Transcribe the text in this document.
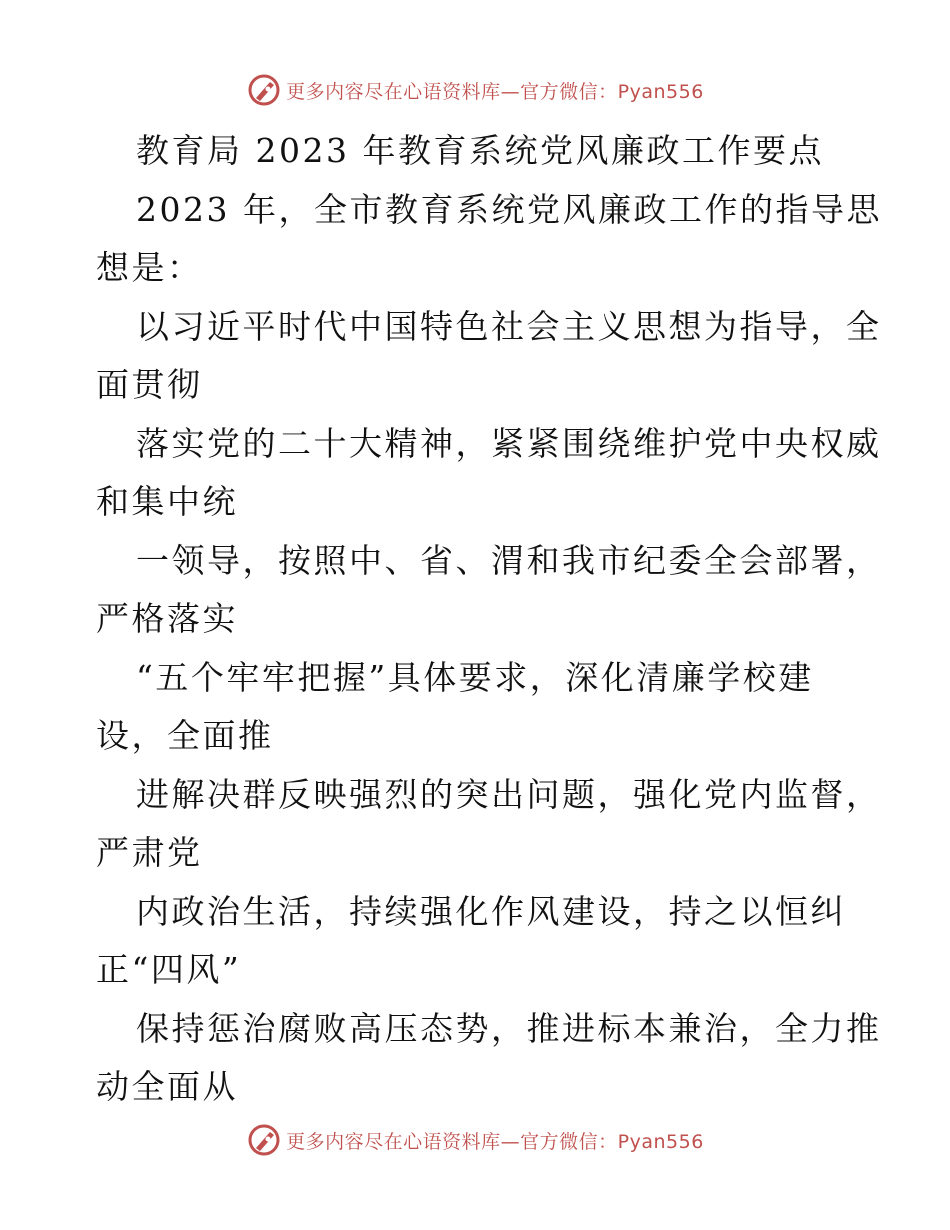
更多内容尽在心语资料库—官方微信：Pyan556
教育局 2023 年教育系统党风廉政工作要点
2023 年，全市教育系统党风廉政工作的指导思
想是：
以习近平时代中国特色社会主义思想为指导，全
面贯彻
落实党的二十大精神，紧紧围绕维护党中央权威
和集中统
一领导，按照中、省、渭和我市纪委全会部署，
严格落实
“五个牢牢把握”具体要求，深化清廉学校建
设，全面推
进解决群反映强烈的突出问题，强化党内监督，
严肃党
内政治生活，持续强化作风建设，持之以恒纠
正“四风”
保持惩治腐败高压态势，推进标本兼治，全力推
动全面从
更多内容尽在心语资料库—官方微信：Pyan556
